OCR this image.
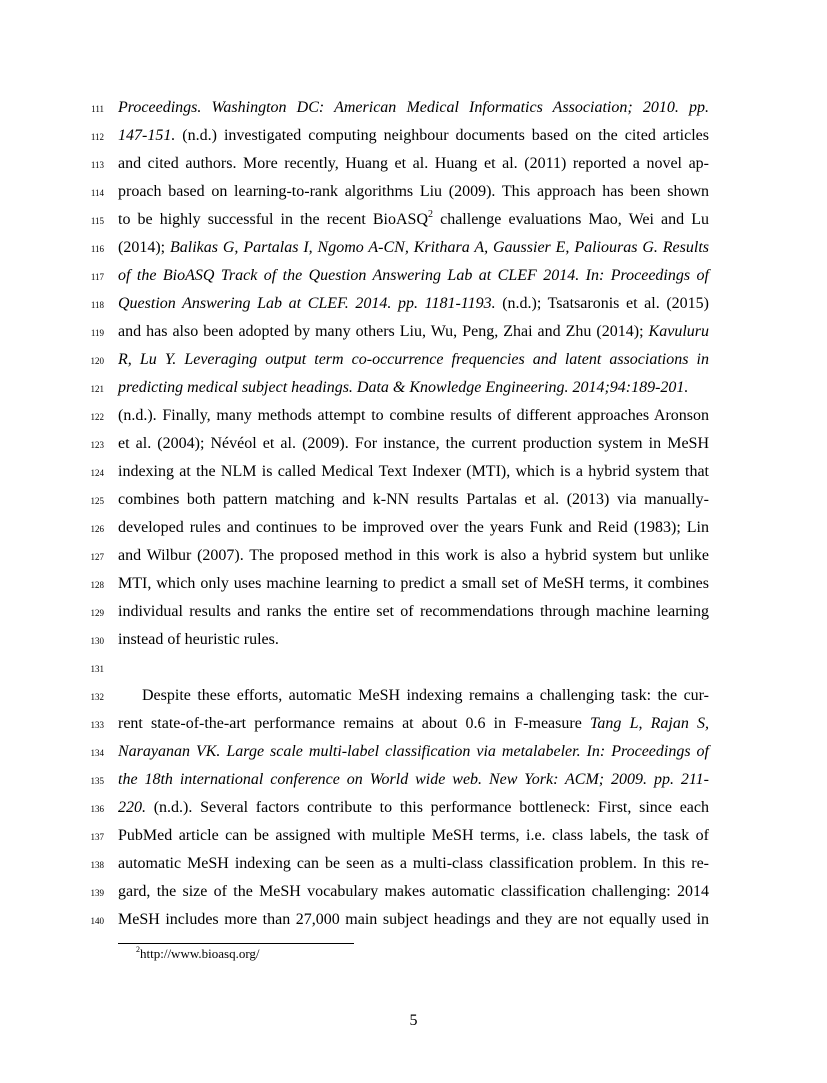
111 Proceedings. Washington DC: American Medical Informatics Association; 2010. pp.
112 147-151. (n.d.) investigated computing neighbour documents based on the cited articles
113 and cited authors. More recently, Huang et al. Huang et al. (2011) reported a novel ap-
114 proach based on learning-to-rank algorithms Liu (2009). This approach has been shown
115 to be highly successful in the recent BioASQ$^2$ challenge evaluations Mao, Wei and Lu
116 (2014); Balikas G, Partalas I, Ngomo A-CN, Krithara A, Gaussier E, Paliouras G. Results
117 of the BioASQ Track of the Question Answering Lab at CLEF 2014. In: Proceedings of
118 Question Answering Lab at CLEF. 2014. pp. 1181-1193. (n.d.); Tsatsaronis et al. (2015)
119 and has also been adopted by many others Liu, Wu, Peng, Zhai and Zhu (2014); Kavuluru
120 R, Lu Y. Leveraging output term co-occurrence frequencies and latent associations in
121 predicting medical subject headings. Data & Knowledge Engineering. 2014;94:189-201.
122 (n.d.). Finally, many methods attempt to combine results of different approaches Aronson
123 et al. (2004); Névéol et al. (2009). For instance, the current production system in MeSH
124 indexing at the NLM is called Medical Text Indexer (MTI), which is a hybrid system that
125 combines both pattern matching and k-NN results Partalas et al. (2013) via manually-
126 developed rules and continues to be improved over the years Funk and Reid (1983); Lin
127 and Wilbur (2007). The proposed method in this work is also a hybrid system but unlike
128 MTI, which only uses machine learning to predict a small set of MeSH terms, it combines
129 individual results and ranks the entire set of recommendations through machine learning
130 instead of heuristic rules.
131
132 Despite these efforts, automatic MeSH indexing remains a challenging task: the cur-
133 rent state-of-the-art performance remains at about 0.6 in F-measure Tang L, Rajan S,
134 Narayanan VK. Large scale multi-label classification via metalabeler. In: Proceedings of
135 the 18th international conference on World wide web. New York: ACM; 2009. pp. 211-
136 220. (n.d.). Several factors contribute to this performance bottleneck: First, since each
137 PubMed article can be assigned with multiple MeSH terms, i.e. class labels, the task of
138 automatic MeSH indexing can be seen as a multi-class classification problem. In this re-
139 gard, the size of the MeSH vocabulary makes automatic classification challenging: 2014
140 MeSH includes more than 27,000 main subject headings and they are not equally used in
$^2$http://www.bioasq.org/
5
